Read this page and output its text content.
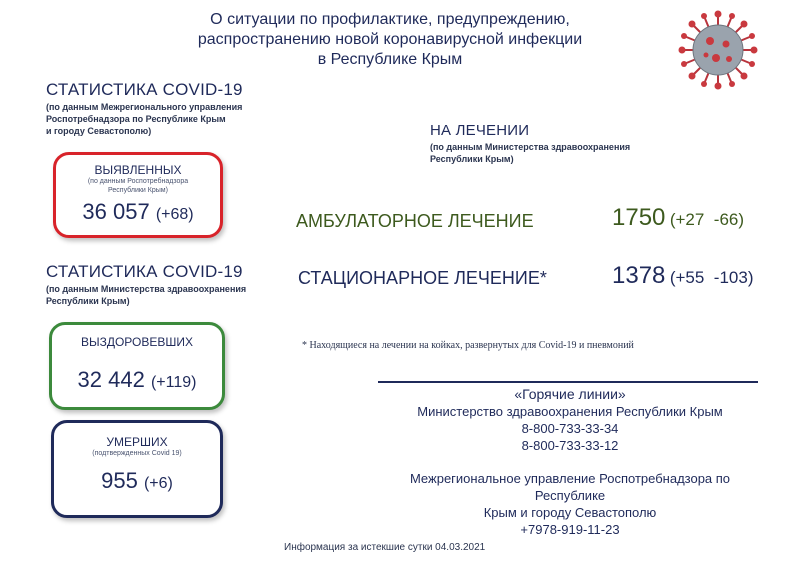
О ситуации по профилактике, предупреждению,
распространению новой коронавирусной инфекции
в Республике Крым
СТАТИСТИКА COVID-19
(по данным Межрегионального управления
Роспотребнадзора по Республике Крым
и городу Севастополю)
ВЫЯВЛЕННЫХ
(по данным Роспотребнадзора
Республики Крым)
36 057 (+68)
СТАТИСТИКА COVID-19
(по данным Министерства здравоохранения
Республики Крым)
ВЫЗДОРОВЕВШИХ
32 442 (+119)
УМЕРШИХ
(подтвержденных Covid 19)
955 (+6)
НА ЛЕЧЕНИИ
(по данным Министерства здравоохранения
Республики Крым)
АМБУЛАТОРНОЕ ЛЕЧЕНИЕ	1750 (+27  -66)
СТАЦИОНАРНОЕ ЛЕЧЕНИЕ*	1378 (+55  -103)
* Находящиеся на лечении на койках, развернутых для Covid-19 и пневмоний
«Горячие линии»
Министерство здравоохранения Республики Крым
8-800-733-33-34
8-800-733-33-12
Межрегиональное управление Роспотребнадзора по Республике
Крым и городу Севастополю
+7978-919-11-23
Информация за истекшие сутки 04.03.2021
